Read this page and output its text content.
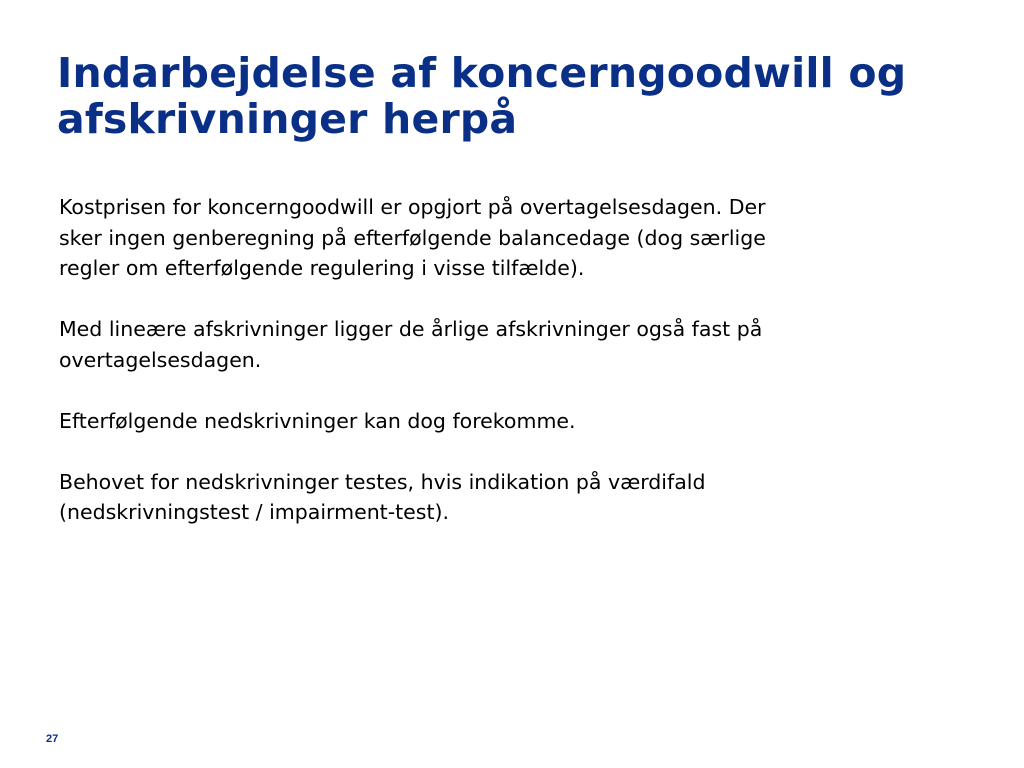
Indarbejdelse af koncerngoodwill og
afskrivninger herpå

Kostprisen for koncerngoodwill er opgjort på overtagelsesdagen. Der
sker ingen genberegning på efterfølgende balancedage (dog særlige
regler om efterfølgende regulering i visse tilfælde).

Med lineære afskrivninger ligger de årlige afskrivninger også fast på
overtagelsesdagen.

Efterfølgende nedskrivninger kan dog forekomme.

Behovet for nedskrivninger testes, hvis indikation på værdifald
(nedskrivningstest / impairment-test).

27
